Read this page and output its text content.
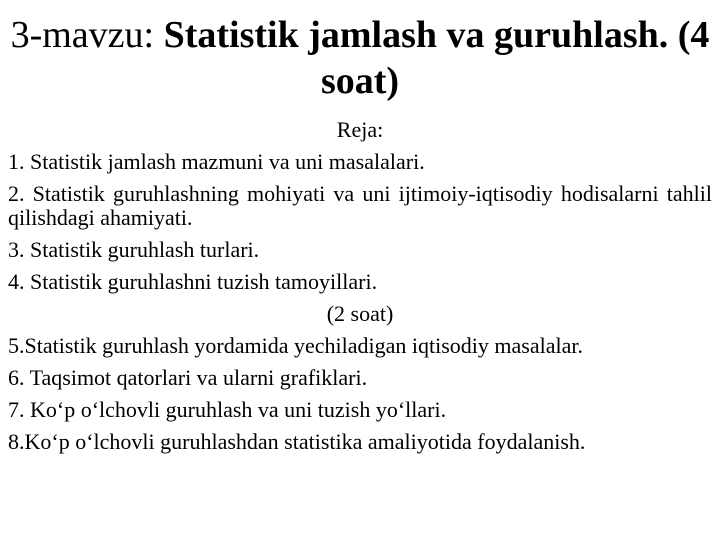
3-mavzu: Statistik jamlash va guruhlash. (4 soat)
Reja:
1. Statistik jamlash mazmuni va uni masalalari.
2. Statistik guruhlashning mohiyati va uni ijtimoiy-iqtisodiy hodisalarni tahlil qilishdagi ahamiyati.
3. Statistik guruhlash turlari.
4. Statistik guruhlashni tuzish tamoyillari.
(2 soat)
5.Statistik guruhlash yordamida yechiladigan iqtisodiy masalalar.
6. Taqsimot qatorlari va ularni grafiklari.
7. Ko‘p o‘lchovli guruhlash va uni tuzish yo‘llari.
8.Ko‘p o‘lchovli guruhlashdan statistika amaliyotida foydalanish.
